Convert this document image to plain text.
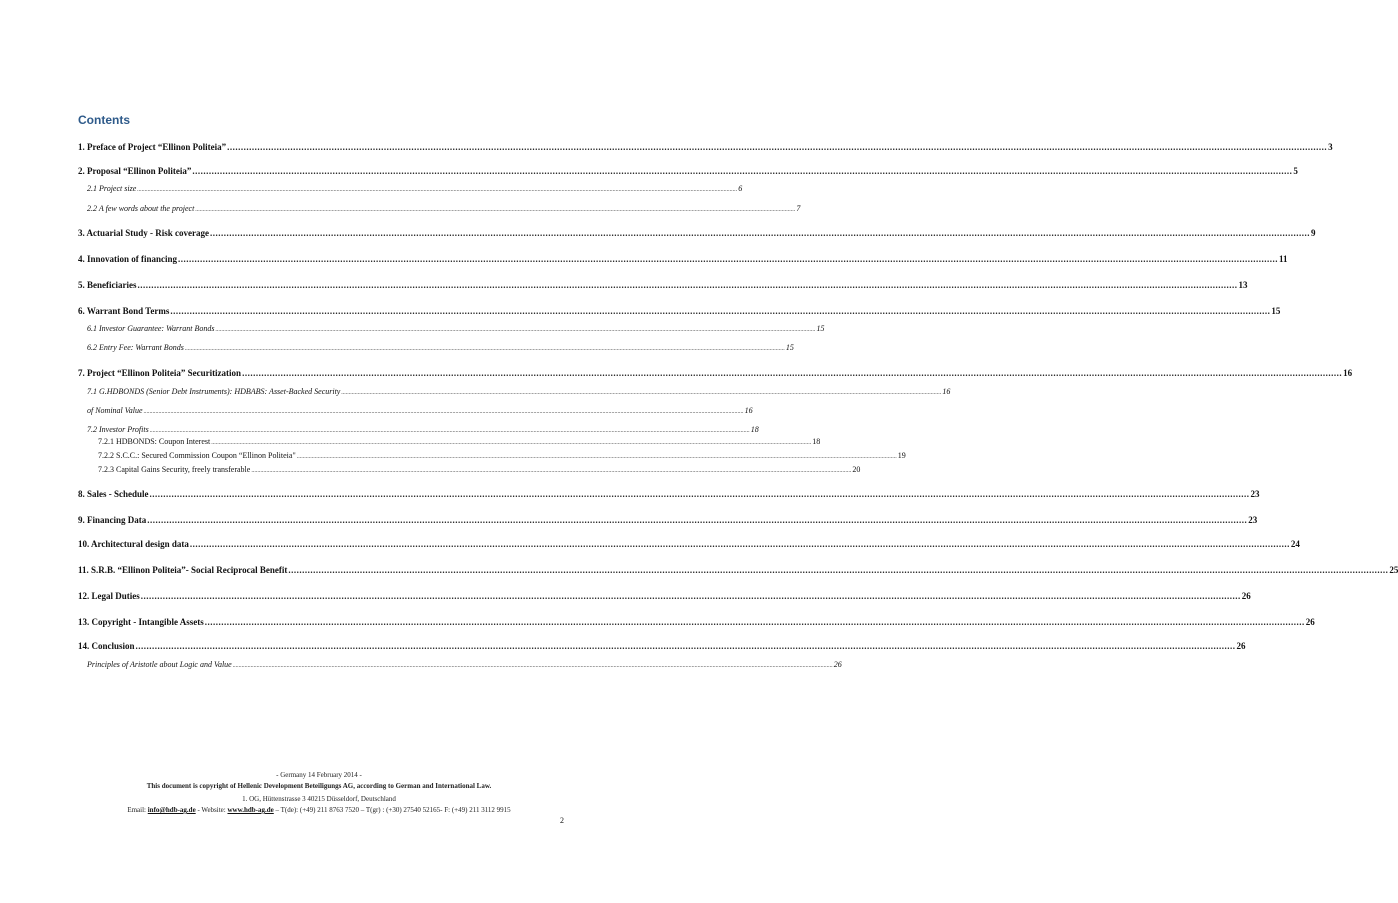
Contents
1. Preface of Project “Ellinon Politeia” ................................................................................................................................................................................................................................................................................................................................................................................................................ 3
2. Proposal “Ellinon Politeia” ................................................................................................................................................................................................................................................................................................................................................................................................................ 5
2.1 Project size ................................................................................................................................................................................................................................................................................................................................................................................................................ 6
2.2 A few words about the project ................................................................................................................................................................................................................................................................................................................................................................................................................ 7
3. Actuarial Study - Risk coverage ................................................................................................................................................................................................................................................................................................................................................................................................................ 9
4. Innovation of financing ................................................................................................................................................................................................................................................................................................................................................................................................................ 11
5. Beneficiaries ................................................................................................................................................................................................................................................................................................................................................................................................................ 13
6. Warrant Bond Terms ................................................................................................................................................................................................................................................................................................................................................................................................................ 15
6.1 Investor Guarantee: Warrant Bonds ................................................................................................................................................................................................................................................................................................................................................................................................................ 15
6.2 Entry Fee: Warrant Bonds ................................................................................................................................................................................................................................................................................................................................................................................................................ 15
7. Project “Ellinon Politeia” Securitization ................................................................................................................................................................................................................................................................................................................................................................................................................ 16
7.1 G.HDBONDS (Senior Debt Instruments): HDBABS: Asset-Backed Security ................................................................................................................................................................................................................................................................................................................................................................................................................ 16
of Nominal Value ................................................................................................................................................................................................................................................................................................................................................................................................................ 16
7.2 Investor Profits ................................................................................................................................................................................................................................................................................................................................................................................................................ 18
7.2.1 HDBONDS: Coupon Interest ................................................................................................................................................................................................................................................................................................................................................................................................................ 18
7.2.2 S.C.C.: Secured Commission Coupon “Ellinon Politeia" ................................................................................................................................................................................................................................................................................................................................................................................................................ 19
7.2.3 Capital Gains Security, freely transferable ................................................................................................................................................................................................................................................................................................................................................................................................................ 20
8. Sales - Schedule ................................................................................................................................................................................................................................................................................................................................................................................................................ 23
9. Financing Data ................................................................................................................................................................................................................................................................................................................................................................................................................ 23
10. Architectural design data ................................................................................................................................................................................................................................................................................................................................................................................................................ 24
11. S.R.B. “Ellinon Politeia”- Social Reciprocal Benefit ................................................................................................................................................................................................................................................................................................................................................................................................................ 25
12. Legal Duties ................................................................................................................................................................................................................................................................................................................................................................................................................ 26
13. Copyright - Intangible Assets ................................................................................................................................................................................................................................................................................................................................................................................................................ 26
14. Conclusion ................................................................................................................................................................................................................................................................................................................................................................................................................ 26
Principles of Aristotle about Logic and Value ................................................................................................................................................................................................................................................................................................................................................................................................................ 26
- Germany 14 February 2014 -
This document is copyright of Hellenic Development Beteiligungs AG, according to German and International Law.
1. OG, Hüttenstrasse 3 40215 Düsseldorf, Deutschland
Email: info@hdb-ag.de - Website: www.hdb-ag.de – T(de): (+49) 211 8763 7520 – T(gr) : (+30) 27540 52165- F: (+49) 211 3112 9915
2
